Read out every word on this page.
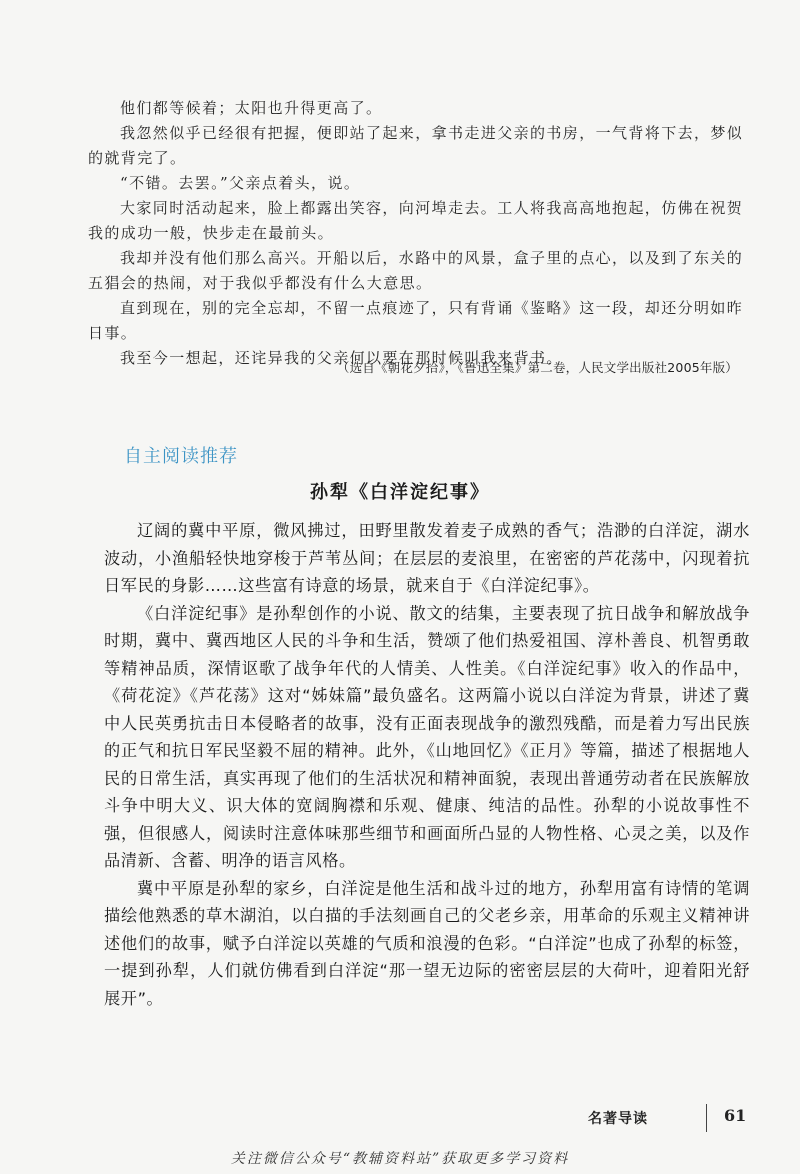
他们都等候着；太阳也升得更高了。

我忽然似乎已经很有把握，便即站了起来，拿书走进父亲的书房，一气背将下去，梦似的就背完了。

“不错。去罢。”父亲点着头，说。

大家同时活动起来，脸上都露出笑容，向河埠走去。工人将我高高地抱起，仿佛在祝贺我的成功一般，快步走在最前头。

我却并没有他们那么高兴。开船以后，水路中的风景，盒子里的点心，以及到了东关的五猖会的热闹，对于我似乎都没有什么大意思。

直到现在，别的完全忘却，不留一点痕迹了，只有背诵《鉴略》这一段，却还分明如昨日事。

我至今一想起，还诧异我的父亲何以要在那时候叫我来背书。

（选自《朝花夕拾》，《鲁迅全集》第二卷，人民文学出版社2005年版）
自主阅读推荐
孙犁《白洋淀纪事》

辽阔的冀中平原，微风拂过，田野里散发着麦子成熟的香气；浩渺的白洋淀，湖水波动，小渔船轻快地穿梭于芦苇丛间；在层层的麦浪里，在密密的芦花荡中，闪现着抗日军民的身影……这些富有诗意的场景，就来自于《白洋淀纪事》。

《白洋淀纪事》是孙犁创作的小说、散文的结集，主要表现了抗日战争和解放战争时期，冀中、冀西地区人民的斗争和生活，赞颂了他们热爱祖国、淳朴善良、机智勇敢等精神品质，深情讴歌了战争年代的人情美、人性美。《白洋淀纪事》收入的作品中，《荷花淀》《芦花荡》这对“姊妹篇”最负盛名。这两篇小说以白洋淀为背景，讲述了冀中人民英勇抗击日本侵略者的故事，没有正面表现战争的激烈残酷，而是着力写出民族的正气和抗日军民坚毅不屈的精神。此外，《山地回忆》《正月》等篇，描述了根据地人民的日常生活，真实再现了他们的生活状况和精神面貌，表现出普通劳动者在民族解放斗争中明大义、识大体的宽阔胸襟和乐观、健康、纯洁的品性。孙犁的小说故事性不强，但很感人，阅读时注意体味那些细节和画面所凸显的人物性格、心灵之美，以及作品清新、含蓄、明净的语言风格。

冀中平原是孙犁的家乡，白洋淀是他生活和战斗过的地方，孙犁用富有诗情的笔调描绘他熟悉的草木湖泊，以白描的手法刻画自己的父老乡亲，用革命的乐观主义精神讲述他们的故事，赋予白洋淀以英雄的气质和浪漫的色彩。“白洋淀”也成了孙犁的标签，一提到孙犁，人们就仿佛看到白洋淀“那一望无边际的密密层层的大荷叶，迎着阳光舒展开”。

名著导读	61
关注微信公众号“教辅资料站”获取更多学习资料
